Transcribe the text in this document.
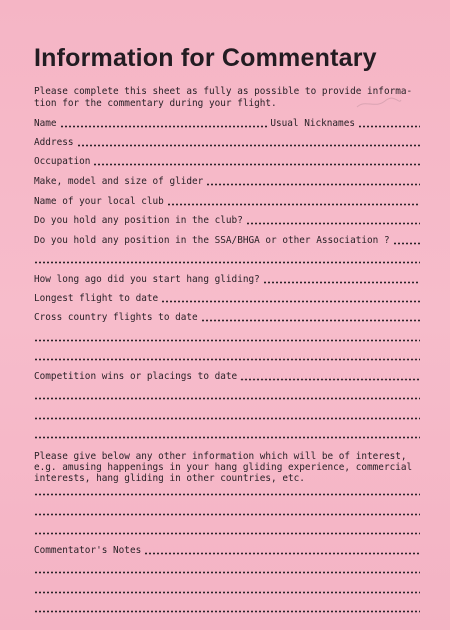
Information for Commentary
Please complete this sheet as fully as possible to provide informa-
tion for the commentary during your flight.
Name	Usual Nicknames
Address
Occupation
Make, model and size of glider
Name of your local club
Do you hold any position in the club?
Do you hold any position in the SSA/BHGA or other Association ?
How long ago did you start hang gliding?
Longest flight to date
Cross country flights to date
Competition wins or placings to date
Please give below any other information which will be of interest,
e.g. amusing happenings in your hang gliding experience, commercial
interests, hang gliding in other countries, etc.
Commentator's Notes
